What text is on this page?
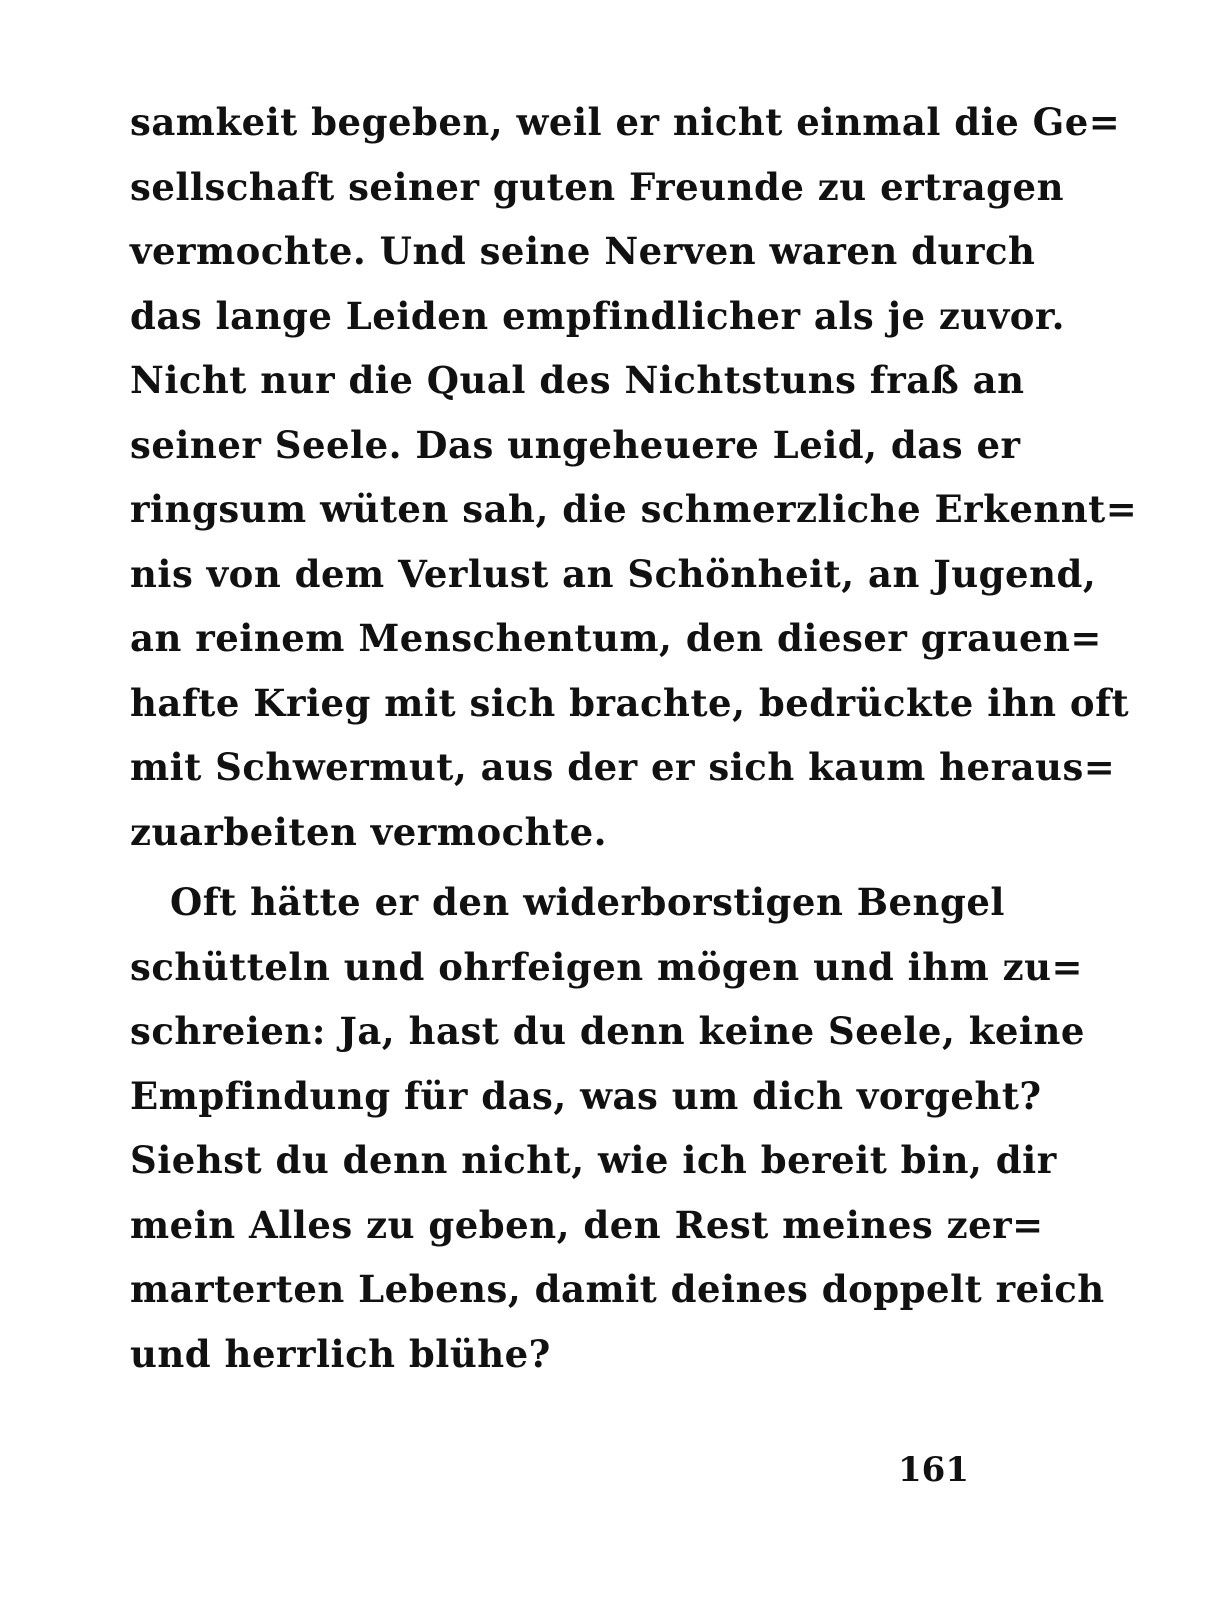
samkeit begeben, weil er nicht einmal die Ge=
sellschaft seiner guten Freunde zu ertragen
vermochte. Und seine Nerven waren durch
das lange Leiden empfindlicher als je zuvor.
Nicht nur die Qual des Nichtstuns fraß an
seiner Seele. Das ungeheuere Leid, das er
ringsum wüten sah, die schmerzliche Erkennt=
nis von dem Verlust an Schönheit, an Jugend,
an reinem Menschentum, den dieser grauen=
hafte Krieg mit sich brachte, bedrückte ihn oft
mit Schwermut, aus der er sich kaum heraus=
zuarbeiten vermochte.
Oft hätte er den widerborstigen Bengel
schütteln und ohrfeigen mögen und ihm zu=
schreien: Ja, hast du denn keine Seele, keine
Empfindung für das, was um dich vorgeht?
Siehst du denn nicht, wie ich bereit bin, dir
mein Alles zu geben, den Rest meines zer=
marterten Lebens, damit deines doppelt reich
und herrlich blühe?
161
